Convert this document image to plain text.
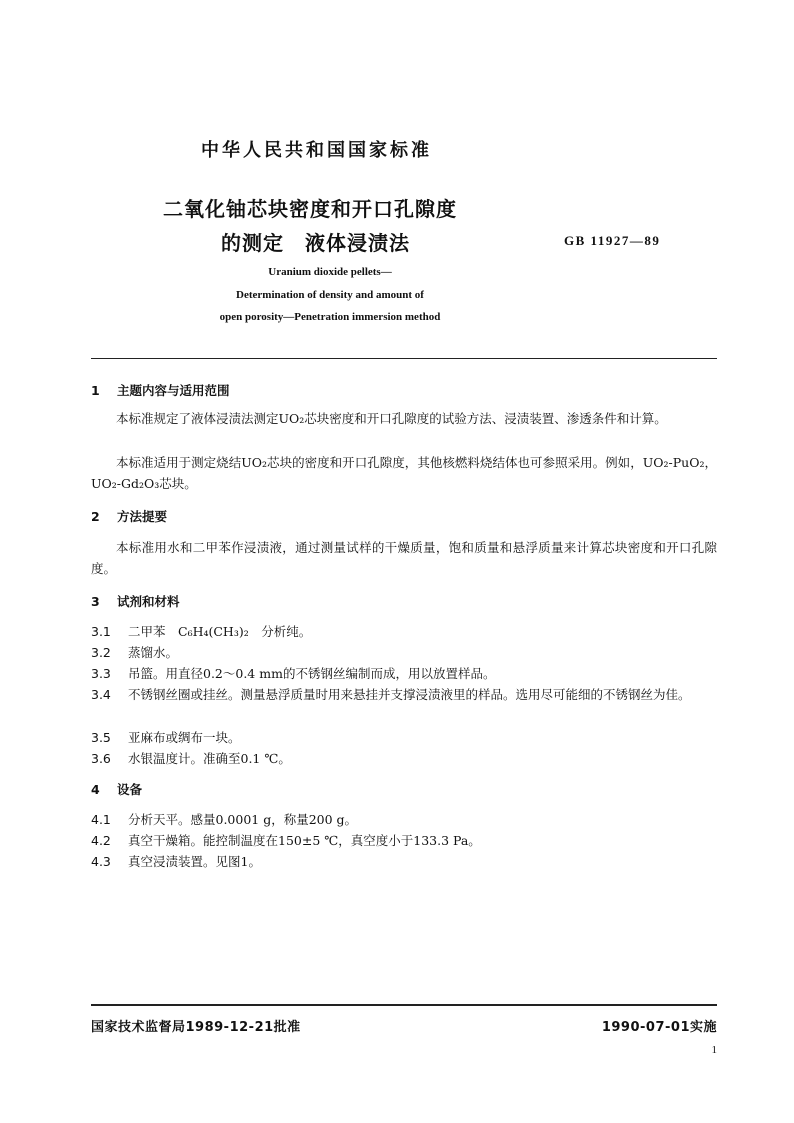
中华人民共和国国家标准
二氧化铀芯块密度和开口孔隙度
的测定　液体浸渍法	GB 11927—89
Uranium dioxide pellets—
Determination of density and amount of
open porosity—Penetration immersion method
1 主题内容与适用范围
本标准规定了液体浸渍法测定UO₂芯块密度和开口孔隙度的试验方法、浸渍装置、渗透条件和计算。
本标准适用于测定烧结UO₂芯块的密度和开口孔隙度，其他核燃料烧结体也可参照采用。例如，UO₂-PuO₂，UO₂-Gd₂O₃芯块。
2 方法提要
本标准用水和二甲苯作浸渍液，通过测量试样的干燥质量，饱和质量和悬浮质量来计算芯块密度和开口孔隙度。
3 试剂和材料
3.1 二甲苯　C₆H₄(CH₃)₂　分析纯。
3.2 蒸馏水。
3.3 吊篮。用直径0.2～0.4 mm的不锈钢丝编制而成，用以放置样品。
3.4 不锈钢丝圈或挂丝。测量悬浮质量时用来悬挂并支撑浸渍液里的样品。选用尽可能细的不锈钢丝为佳。
3.5 亚麻布或绸布一块。
3.6 水银温度计。准确至0.1 ℃。
4 设备
4.1 分析天平。感量0.0001 g，称量200 g。
4.2 真空干燥箱。能控制温度在150±5 ℃，真空度小于133.3 Pa。
4.3 真空浸渍装置。见图1。
国家技术监督局1989-12-21批准	1990-07-01实施
1
